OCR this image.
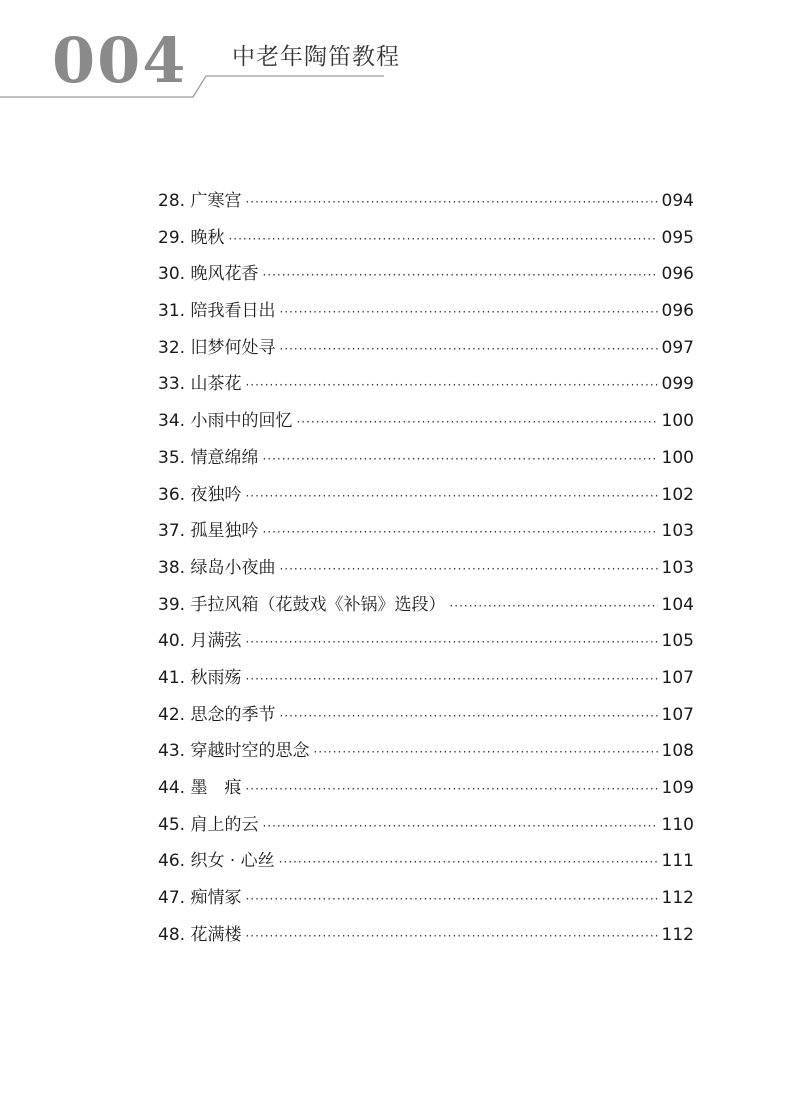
004 中老年陶笛教程
28. 广寒宫 ·····	094
29. 晚秋 ·····	095
30. 晚风花香 ·····	096
31. 陪我看日出 ·····	096
32. 旧梦何处寻 ·····	097
33. 山茶花 ·····	099
34. 小雨中的回忆 ·····	100
35. 情意绵绵 ·····	100
36. 夜独吟 ·····	102
37. 孤星独吟 ·····	103
38. 绿岛小夜曲 ·····	103
39. 手拉风箱（花鼓戏《补锅》选段） ·····	104
40. 月满弦 ·····	105
41. 秋雨殇 ·····	107
42. 思念的季节 ·····	107
43. 穿越时空的思念 ·····	108
44. 墨　痕 ·····	109
45. 肩上的云 ·····	110
46. 织女 · 心丝 ·····	111
47. 痴情冢 ·····	112
48. 花满楼 ·····	112
